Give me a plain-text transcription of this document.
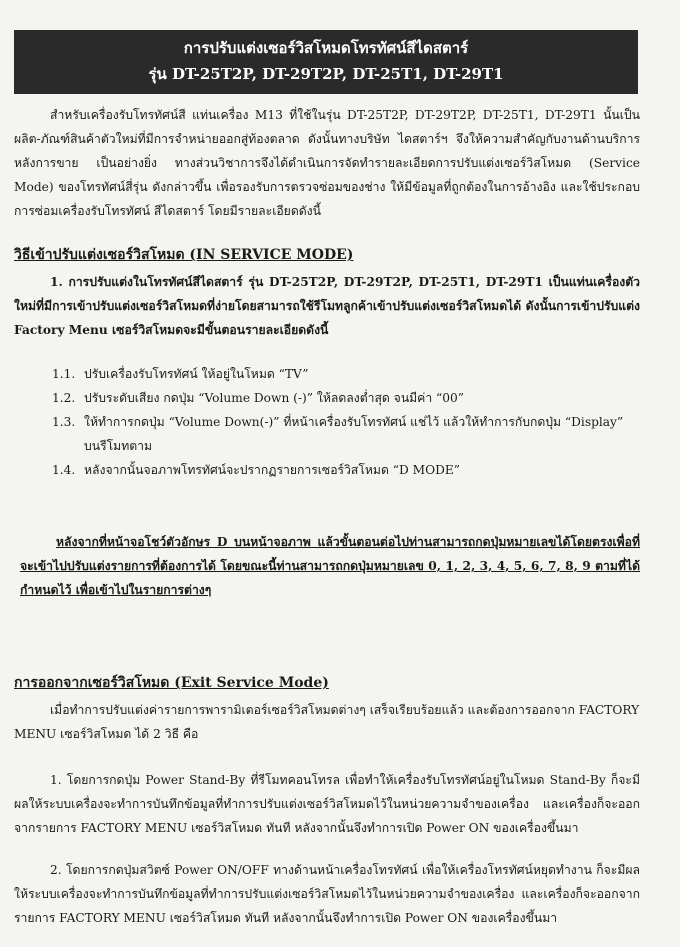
การปรับแต่งเซอร์วิสโหมดโทรทัศน์สีไดสตาร์
รุ่น DT-25T2P, DT-29T2P, DT-25T1, DT-29T1
สำหรับเครื่องรับโทรทัศน์สี แท่นเครื่อง M13 ที่ใช้ในรุ่น DT-25T2P, DT-29T2P, DT-25T1, DT-29T1 นั้นเป็นผลิต-ภัณฑ์สินค้าตัวใหม่ที่มีการจำหน่ายออกสู่ท้องตลาด ดังนั้นทางบริษัท ไดสตาร์ฯ จึงให้ความสำคัญกับงานด้านบริการหลังการขาย เป็นอย่างยิ่ง ทางส่วนวิชาการจึงได้ดำเนินการจัดทำรายละเอียดการปรับแต่งเซอร์วิสโหมด (Service Mode) ของโทรทัศน์สี่รุ่น ดังกล่าวขึ้น เพื่อรองรับการตรวจซ่อมของช่าง ให้มีข้อมูลที่ถูกต้องในการอ้างอิง และใช้ประกอบการซ่อมเครื่องรับโทรทัศน์ สีไดสตาร์ โดยมีรายละเอียดดังนี้
วิธีเข้าปรับแต่งเซอร์วิสโหมด (IN SERVICE MODE)
1. การปรับแต่งในโทรทัศน์สีไดสตาร์ รุ่น DT-25T2P, DT-29T2P, DT-25T1, DT-29T1 เป็นแท่นเครื่องตัวใหม่ที่มีการเข้าปรับแต่งเซอร์วิสโหมดที่ง่ายโดยสามารถใช้รีโมทลูกค้าเข้าปรับแต่งเซอร์วิสโหมดได้ ดังนั้นการเข้าปรับแต่ง Factory Menu เซอร์วิสโหมดจะมีขั้นตอนรายละเอียดดังนี้
1.1. ปรับเครื่องรับโทรทัศน์ ให้อยู่ในโหมด “TV”
1.2. ปรับระดับเสียง กดปุ่ม “Volume Down (-)” ให้ลดลงต่ำสุด จนมีค่า “00”
1.3. ให้ทำการกดปุ่ม “Volume Down(-)” ที่หน้าเครื่องรับโทรทัศน์ แช่ไว้ แล้วให้ทำการกับกดปุ่ม “Display” บนรีโมทตาม
1.4. หลังจากนั้นจอภาพโทรทัศน์จะปรากฏรายการเซอร์วิสโหมด “D MODE”
หลังจากที่หน้าจอโชว์ตัวอักษร D บนหน้าจอภาพ แล้วขั้นตอนต่อไปท่านสามารถกดปุ่มหมายเลขได้โดยตรงเพื่อที่จะเข้าไปปรับแต่งรายการที่ต้องการได้ โดยขณะนี้ท่านสามารถกดปุ่มหมายเลข 0, 1, 2, 3, 4, 5, 6, 7, 8, 9 ตามที่ได้กำหนดไว้ เพื่อเข้าไปในรายการต่างๆ
การออกจากเซอร์วิสโหมด (Exit Service Mode)
เมื่อทำการปรับแต่งค่ารายการพารามิเตอร์เซอร์วิสโหมดต่างๆ เสร็จเรียบร้อยแล้ว และต้องการออกจาก FACTORY MENU เซอร์วิสโหมด ได้ 2 วิธี คือ
1. โดยการกดปุ่ม Power Stand-By ที่รีโมทคอนโทรล เพื่อทำให้เครื่องรับโทรทัศน์อยู่ในโหมด Stand-By ก็จะมีผลให้ระบบเครื่องจะทำการบันทึกข้อมูลที่ทำการปรับแต่งเซอร์วิสโหมดไว้ในหน่วยความจำของเครื่อง และเครื่องก็จะออกจากรายการ FACTORY MENU เซอร์วิสโหมด ทันที หลังจากนั้นจึงทำการเปิด Power ON ของเครื่องขึ้นมา
2. โดยการกดปุ่มสวิตซ์ Power ON/OFF ทางด้านหน้าเครื่องโทรทัศน์ เพื่อให้เครื่องโทรทัศน์หยุดทำงาน ก็จะมีผลให้ระบบเครื่องจะทำการบันทึกข้อมูลที่ทำการปรับแต่งเซอร์วิสโหมดไว้ในหน่วยความจำของเครื่อง และเครื่องก็จะออกจากรายการ FACTORY MENU เซอร์วิสโหมด ทันที หลังจากนั้นจึงทำการเปิด Power ON ของเครื่องขึ้นมา
